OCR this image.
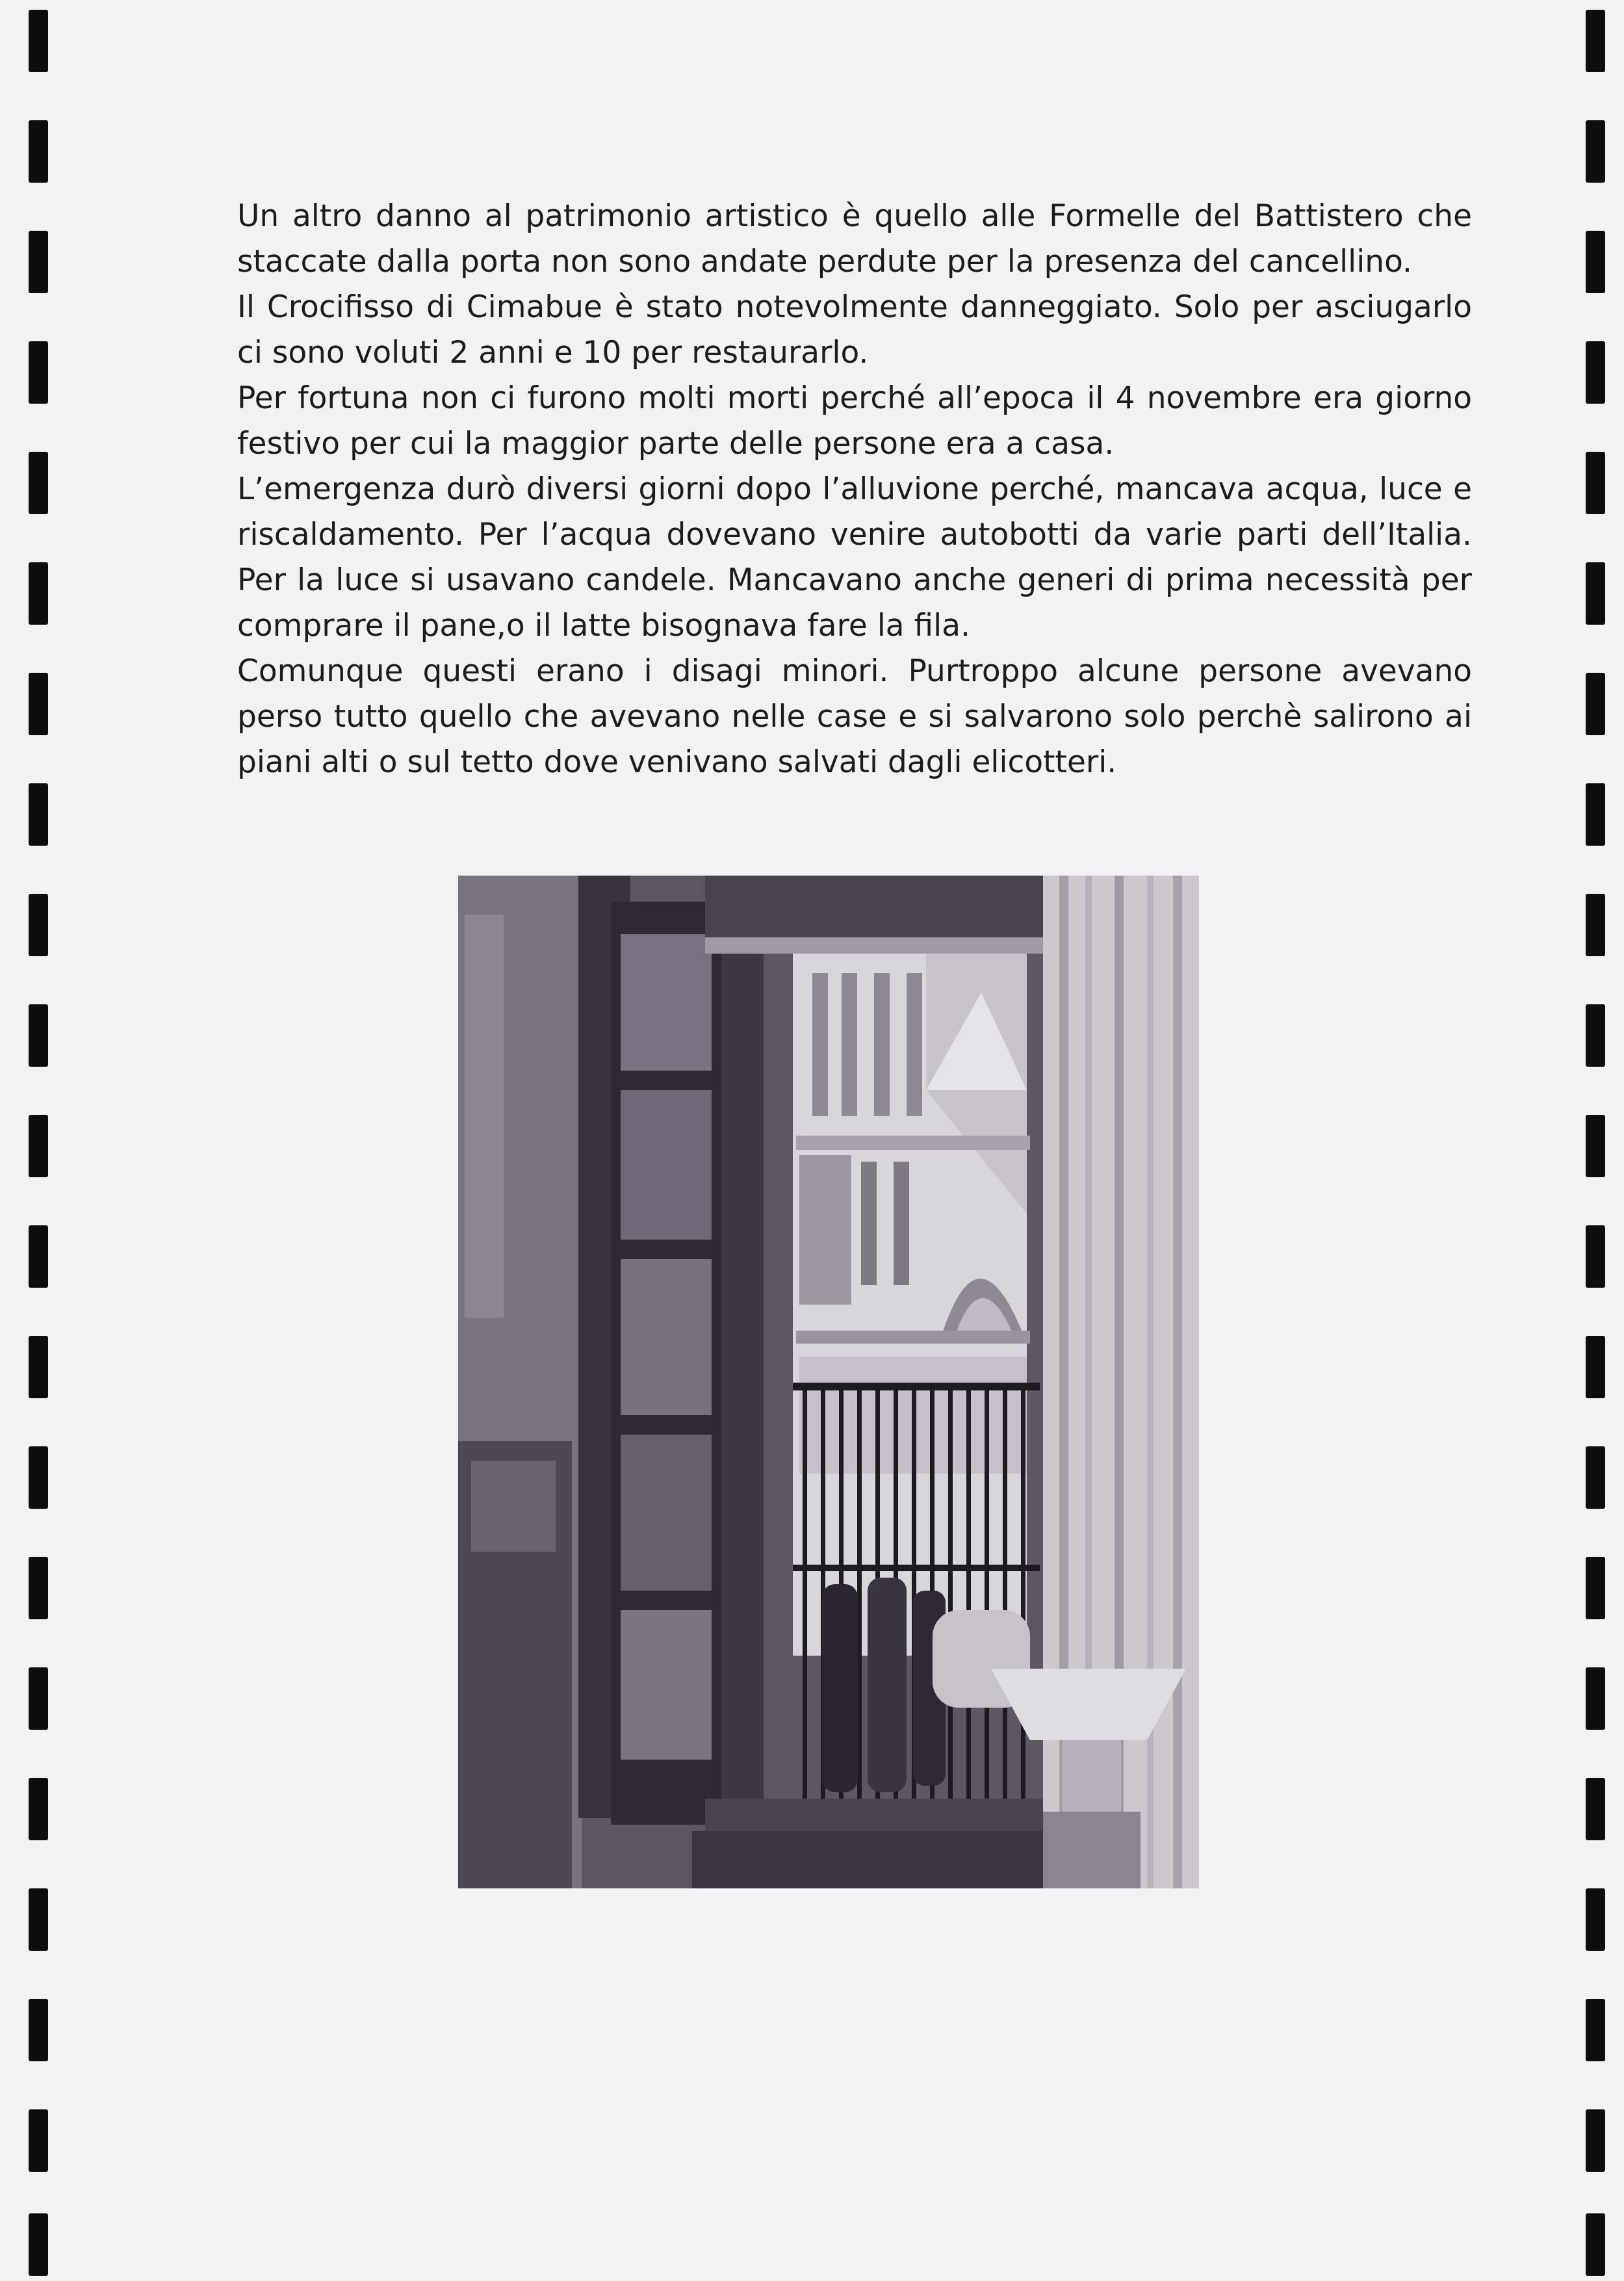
Un altro danno al patrimonio artistico è quello alle Formelle del Battistero che staccate dalla porta non sono andate perdute per la presenza del cancellino.

Il Crocifisso di Cimabue è stato notevolmente danneggiato. Solo per asciugarlo ci sono voluti 2 anni e 10 per restaurarlo.

Per fortuna non ci furono molti morti perché all’epoca il 4 novembre era giorno festivo per cui la maggior parte delle persone era a casa.

L’emergenza durò diversi giorni dopo l’alluvione perché, mancava acqua, luce e riscaldamento. Per l’acqua dovevano venire autobotti da varie parti dell’Italia. Per la luce si usavano candele. Mancavano anche generi di prima necessità per comprare il pane,o il latte bisognava fare la fila.

Comunque questi erano i disagi minori. Purtroppo alcune persone avevano perso tutto quello che avevano nelle case e si salvarono solo perchè salirono ai piani alti o sul tetto dove venivano salvati dagli elicotteri.
